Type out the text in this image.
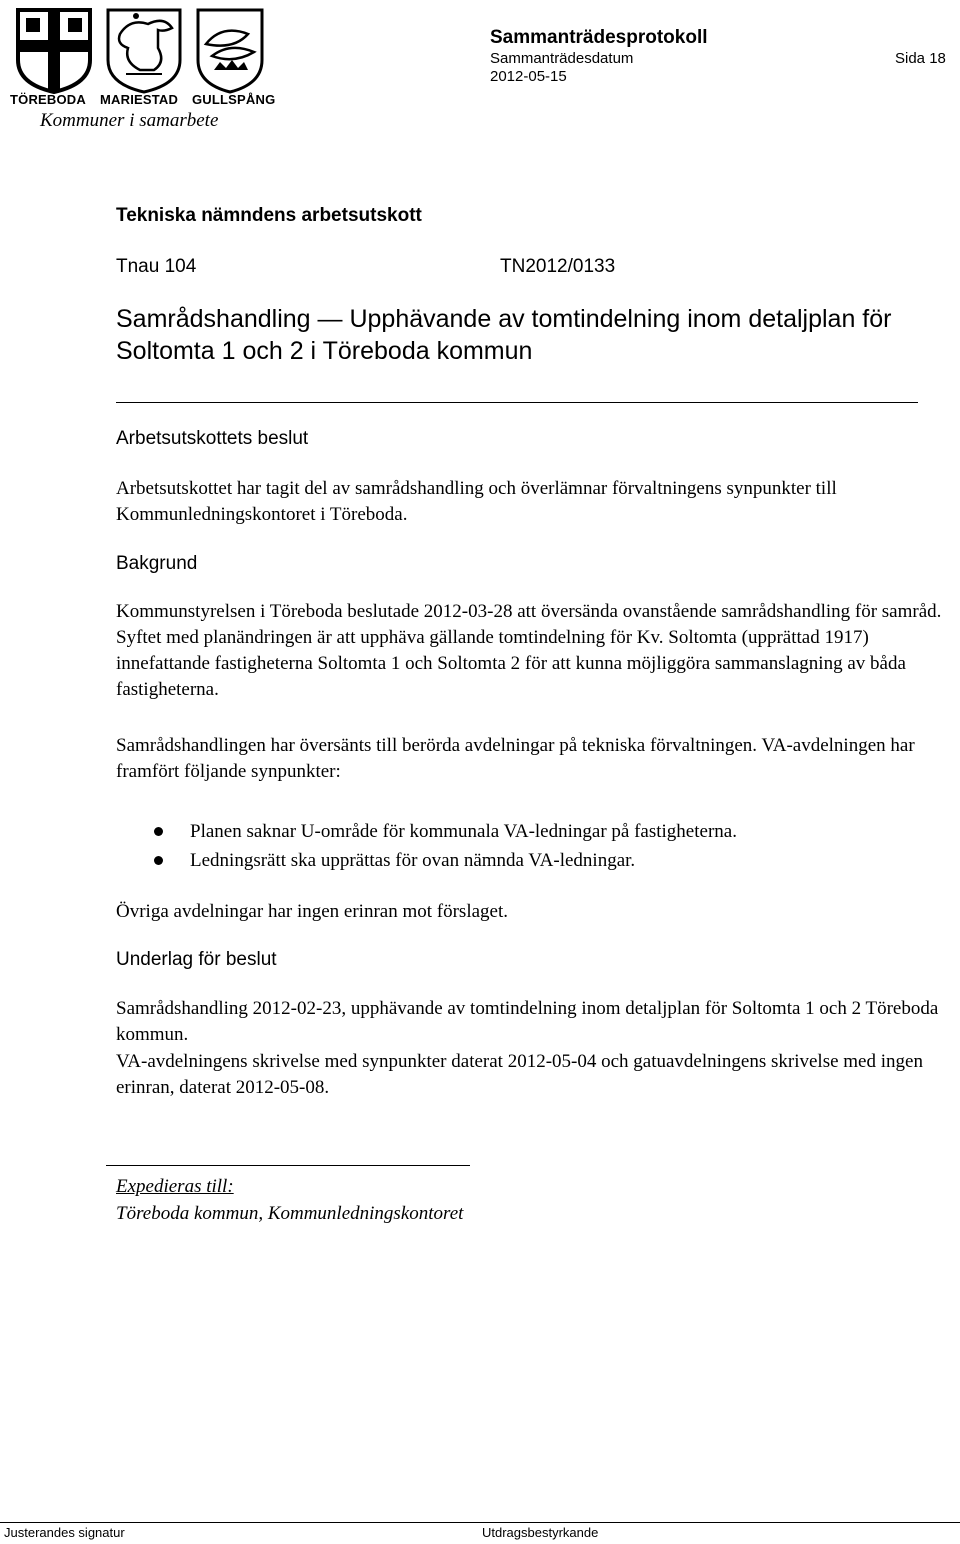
TÖREBODA MARIESTAD GULLSPÅNG
Kommuner i samarbete
Sammanträdesprotokoll
Sammanträdesdatum	Sida 18
2012-05-15
Tekniska nämndens arbetsutskott
Tnau 104	TN2012/0133
Samrådshandling — Upphävande av tomtindelning inom detaljplan för Soltomta 1 och 2 i Töreboda kommun
Arbetsutskottets beslut
Arbetsutskottet har tagit del av samrådshandling och överlämnar förvaltningens synpunkter till Kommunledningskontoret i Töreboda.
Bakgrund
Kommunstyrelsen i Töreboda beslutade 2012-03-28 att översända ovanstående samrådshandling för samråd. Syftet med planändringen är att upphäva gällande tomtindelning för Kv. Soltomta (upprättad 1917) innefattande fastigheterna Soltomta 1 och Soltomta 2 för att kunna möjliggöra sammanslagning av båda fastigheterna.
Samrådshandlingen har översänts till berörda avdelningar på tekniska förvaltningen. VA-avdelningen har framfört följande synpunkter:
Planen saknar U-område för kommunala VA-ledningar på fastigheterna.
Ledningsrätt ska upprättas för ovan nämnda VA-ledningar.
Övriga avdelningar har ingen erinran mot förslaget.
Underlag för beslut
Samrådshandling 2012-02-23, upphävande av tomtindelning inom detaljplan för Soltomta 1 och 2 Töreboda kommun.
VA-avdelningens skrivelse med synpunkter daterat 2012-05-04 och gatuavdelningens skrivelse med ingen erinran, daterat 2012-05-08.
Expedieras till:
Töreboda kommun, Kommunledningskontoret
Justerandes signatur	Utdragsbestyrkande
